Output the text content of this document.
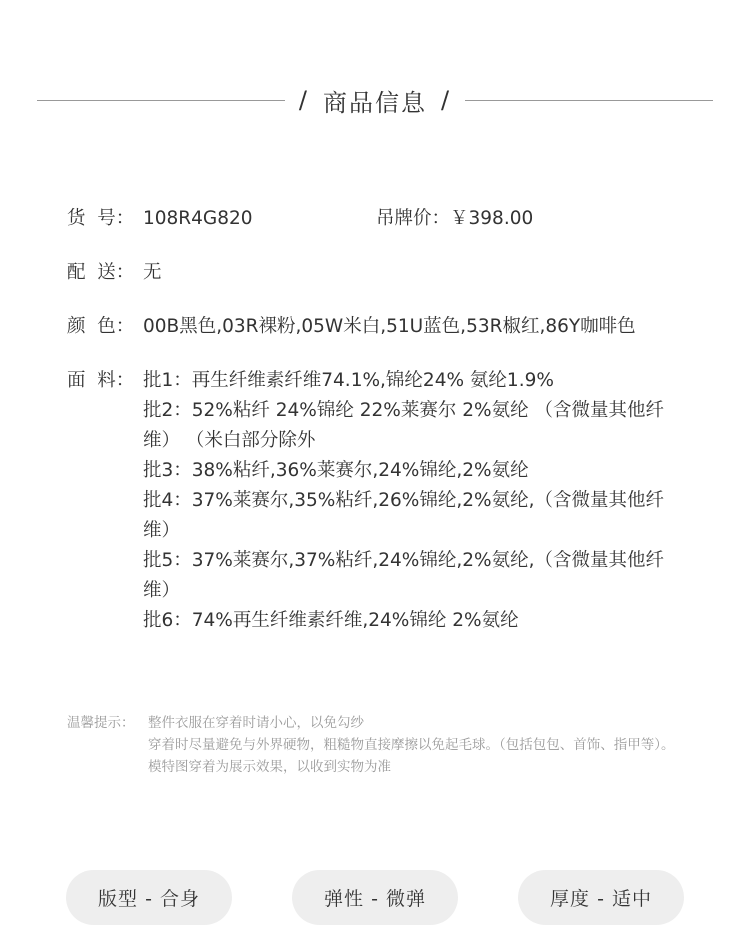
/ 商品信息 /
货  号： 108R4G820	吊牌价：￥398.00
配  送： 无
颜  色： 00B黑色,03R裸粉,05W米白,51U蓝色,53R椒红,86Y咖啡色
面  料： 批1：再生纤维素纤维74.1%,锦纶24% 氨纶1.9%
批2：52%粘纤 24%锦纶 22%莱赛尔 2%氨纶 （含微量其他纤维） （米白部分除外
批3：38%粘纤,36%莱赛尔,24%锦纶,2%氨纶
批4：37%莱赛尔,35%粘纤,26%锦纶,2%氨纶,（含微量其他纤维）
批5：37%莱赛尔,37%粘纤,24%锦纶,2%氨纶,（含微量其他纤维）
批6：74%再生纤维素纤维,24%锦纶 2%氨纶
温馨提示：	整件衣服在穿着时请小心，以免勾纱
穿着时尽量避免与外界硬物，粗糙物直接摩擦以免起毛球。（包括包包、首饰、指甲等）。
模特图穿着为展示效果，以收到实物为准
版型 - 合身	弹性 - 微弹	厚度 - 适中
